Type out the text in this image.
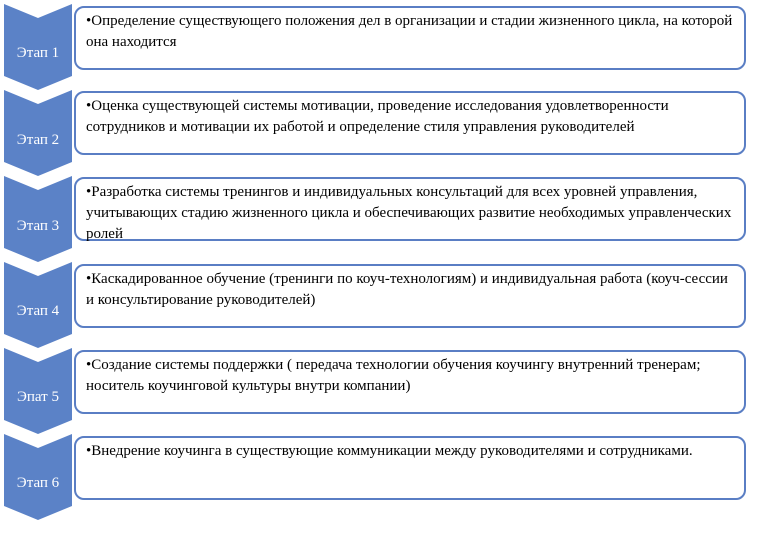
Этап 1

•Определение существующего положения дел в организации и стадии жизненного цикла, на которой она находится

Этап 2

•Оценка существующей системы мотивации, проведение исследования удовлетворенности сотрудников и мотивации их работой и определение стиля управления руководителей

Этап 3

•Разработка системы тренингов и индивидуальных консультаций для всех уровней управления, учитывающих стадию жизненного цикла и обеспечивающих развитие необходимых управленческих ролей

Этап 4

•Каскадированное обучение (тренинги по коуч-технологиям) и индивидуальная работа (коуч-сессии и консультирование руководителей)

Эпат 5

•Создание системы поддержки ( передача технологии обучения коучингу внутренний тренерам; носитель коучинговой культуры внутри компании)

Этап 6

•Внедрение коучинга в существующие коммуникации между руководителями и сотрудниками.
